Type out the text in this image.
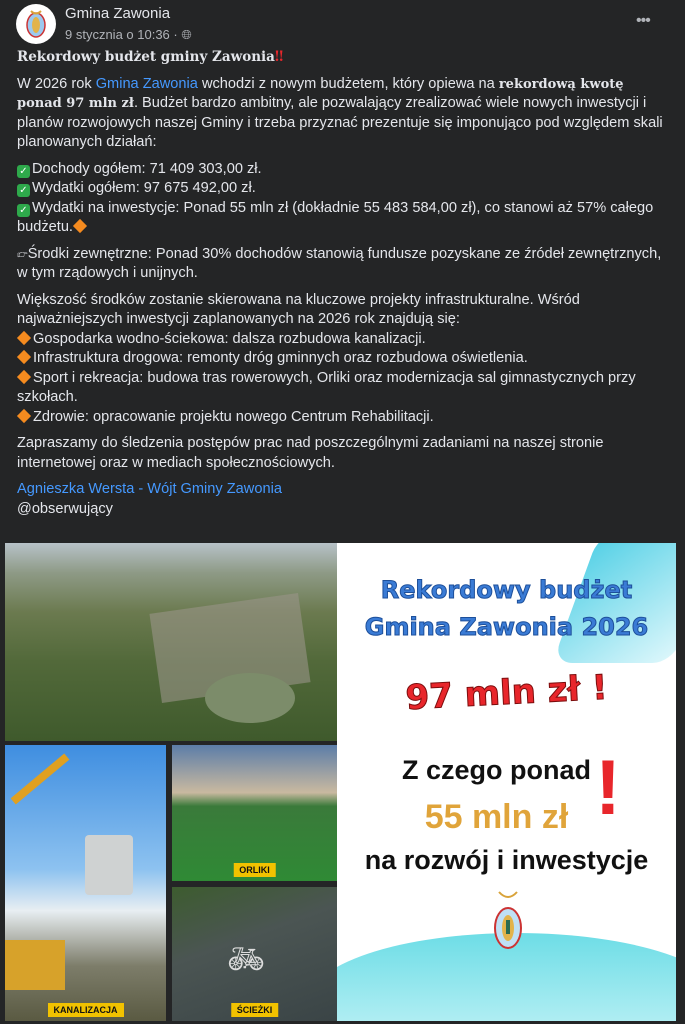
Gmina Zawonia
9 stycznia o 10:36 · 🌐︎
•••
Rekordowy budżet gminy Zawonia‼

W 2026 rok Gmina Zawonia wchodzi z nowym budżetem, który opiewa na rekordową kwotę ponad 97 mln zł. Budżet bardzo ambitny, ale pozwalający zrealizować wiele nowych inwestycji i planów rozwojowych naszej Gminy i trzeba przyznać prezentuje się imponująco pod względem skali planowanych działań:

✓ Dochody ogółem: 71 409 303,00 zł.
✓ Wydatki ogółem: 97 675 492,00 zł.
✓ Wydatki na inwestycje: Ponad 55 mln zł (dokładnie 55 483 584,00 zł), co stanowi aż 57% całego budżetu.

👉︎Środki zewnętrzne: Ponad 30% dochodów stanowią fundusze pozyskane ze źródeł zewnętrznych, w tym rządowych i unijnych.

Większość środków zostanie skierowana na kluczowe projekty infrastrukturalne. Wśród najważniejszych inwestycji zaplanowanych na 2026 rok znajdują się:
Gospodarka wodno-ściekowa: dalsza rozbudowa kanalizacji.
Infrastruktura drogowa: remonty dróg gminnych oraz rozbudowa oświetlenia.
Sport i rekreacja: budowa tras rowerowych, Orliki oraz modernizacja sal gimnastycznych przy szkołach.
Zdrowie: opracowanie projektu nowego Centrum Rehabilitacji.

Zapraszamy do śledzenia postępów prac nad poszczególnymi zadaniami na naszej stronie internetowej oraz w mediach społecznościowych.

Agnieszka Wersta - Wójt Gminy Zawonia
@obserwujący
KANALIZACJA
ORLIKI
🚲︎
ŚCIEŻKI
Rekordowy budżet
Gmina Zawonia 2026
97 mln zł !
Z czego ponad
55 mln zł !
na rozwój i inwestycje
